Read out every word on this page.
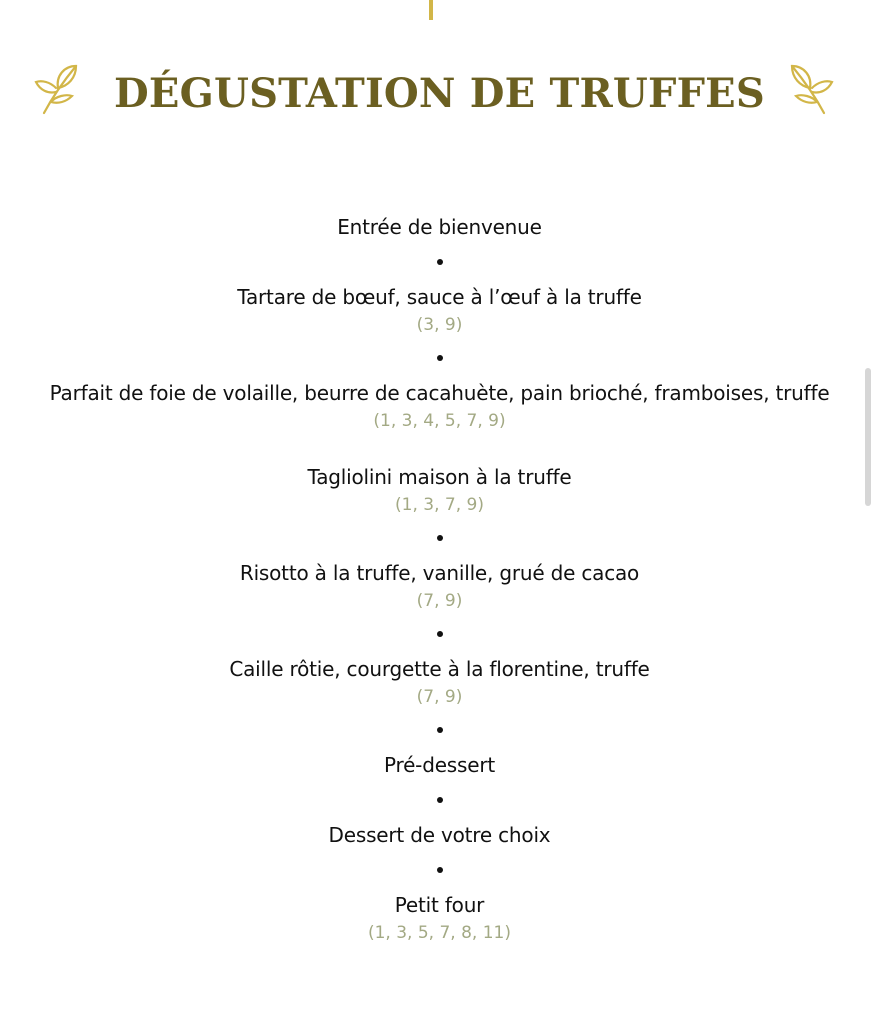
DÉGUSTATION DE TRUFFES
Entrée de bienvenue
Tartare de bœuf, sauce à l’œuf à la truffe
(3, 9)
Parfait de foie de volaille, beurre de cacahuète, pain brioché, framboises, truffe
(1, 3, 4, 5, 7, 9)
Tagliolini maison à la truffe
(1, 3, 7, 9)
Risotto à la truffe, vanille, grué de cacao
(7, 9)
Caille rôtie, courgette à la florentine, truffe
(7, 9)
Pré-dessert
Dessert de votre choix
Petit four
(1, 3, 5, 7, 8, 11)
